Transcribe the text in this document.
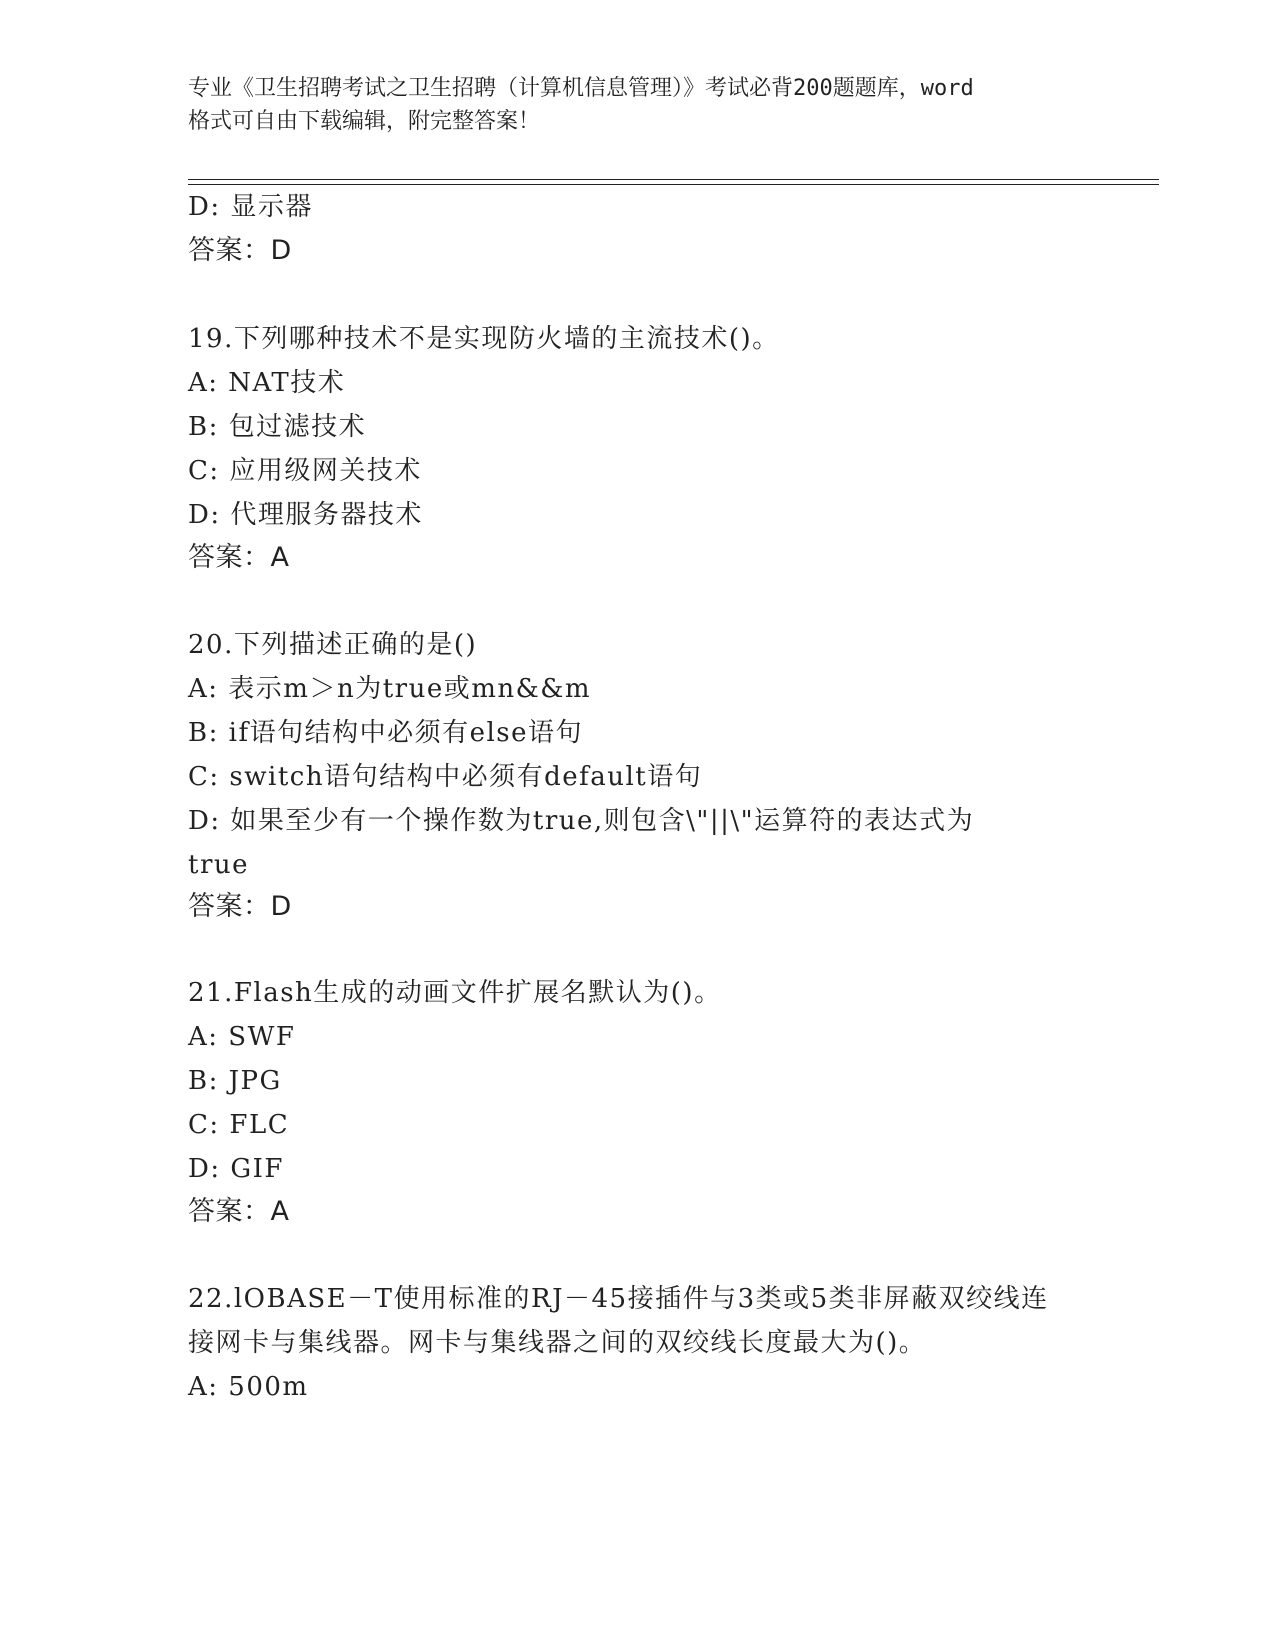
专业《卫生招聘考试之卫生招聘（计算机信息管理）》考试必背200题题库，word
格式可自由下载编辑，附完整答案！
D: 显示器
答案：D
19.下列哪种技术不是实现防火墙的主流技术()。
A: NAT技术
B: 包过滤技术
C: 应用级网关技术
D: 代理服务器技术
答案：A
20.下列描述正确的是()
A: 表示m＞n为true或mn&&m
B: if语句结构中必须有else语句
C: switch语句结构中必须有default语句
D: 如果至少有一个操作数为true,则包含\"||\"运算符的表达式为
true
答案：D
21.Flash生成的动画文件扩展名默认为()。
A: SWF
B: JPG
C: FLC
D: GIF
答案：A
22.lOBASE－T使用标准的RJ－45接插件与3类或5类非屏蔽双绞线连
接网卡与集线器。网卡与集线器之间的双绞线长度最大为()。
A: 500m
